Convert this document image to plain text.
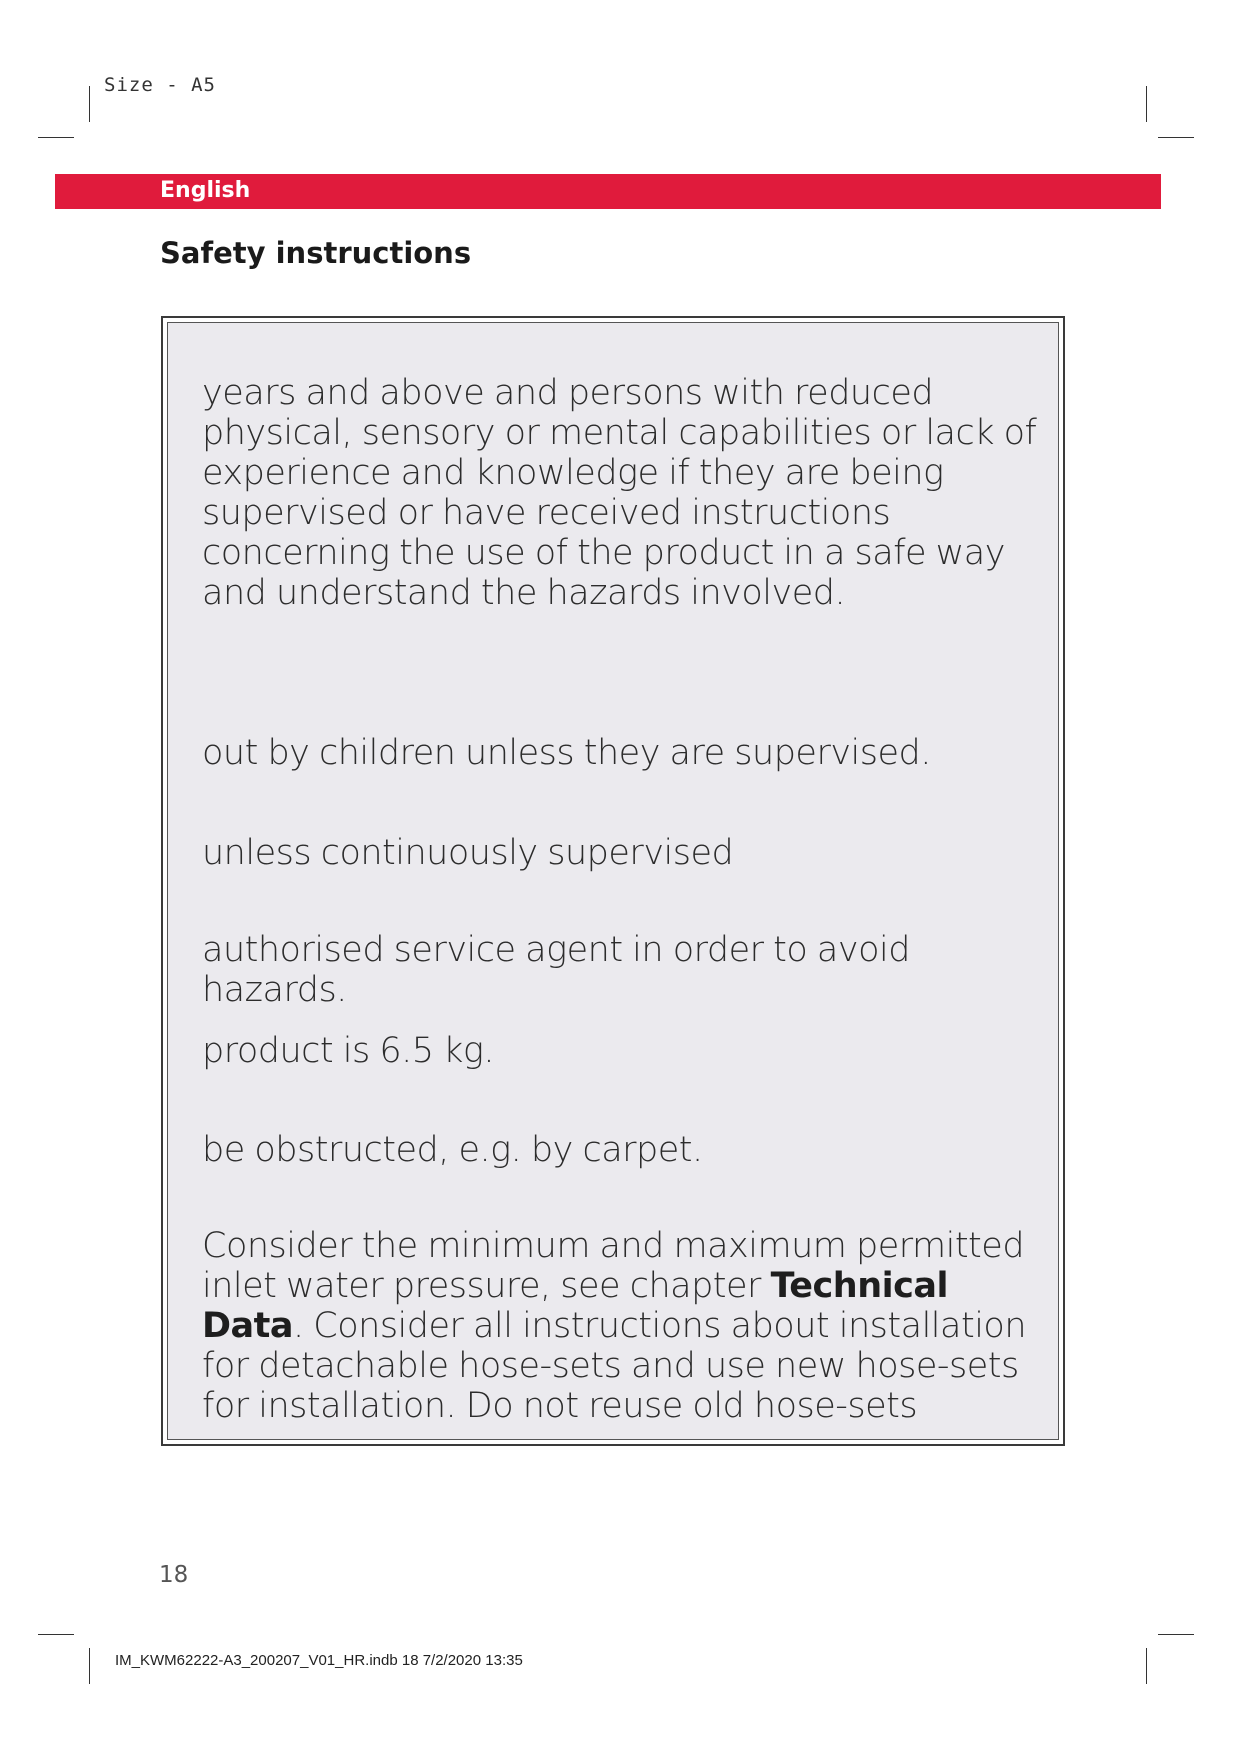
Size - A5
English
Safety instructions
years and above and persons with reduced physical, sensory or mental capabilities or lack of experience and knowledge if they are being supervised or have received instructions concerning the use of the product in a safe way and understand the hazards involved.
out by children unless they are supervised.
unless continuously supervised
authorised service agent in order to avoid hazards.
product is 6.5 kg.
be obstructed, e.g. by carpet.
Consider the minimum and maximum permitted inlet water pressure, see chapter Technical Data. Consider all instructions about installation for detachable hose-sets and use new hose-sets for installation. Do not reuse old hose-sets
18
IM_KWM62222-A3_200207_V01_HR.indb 18 7/2/2020 13:35
